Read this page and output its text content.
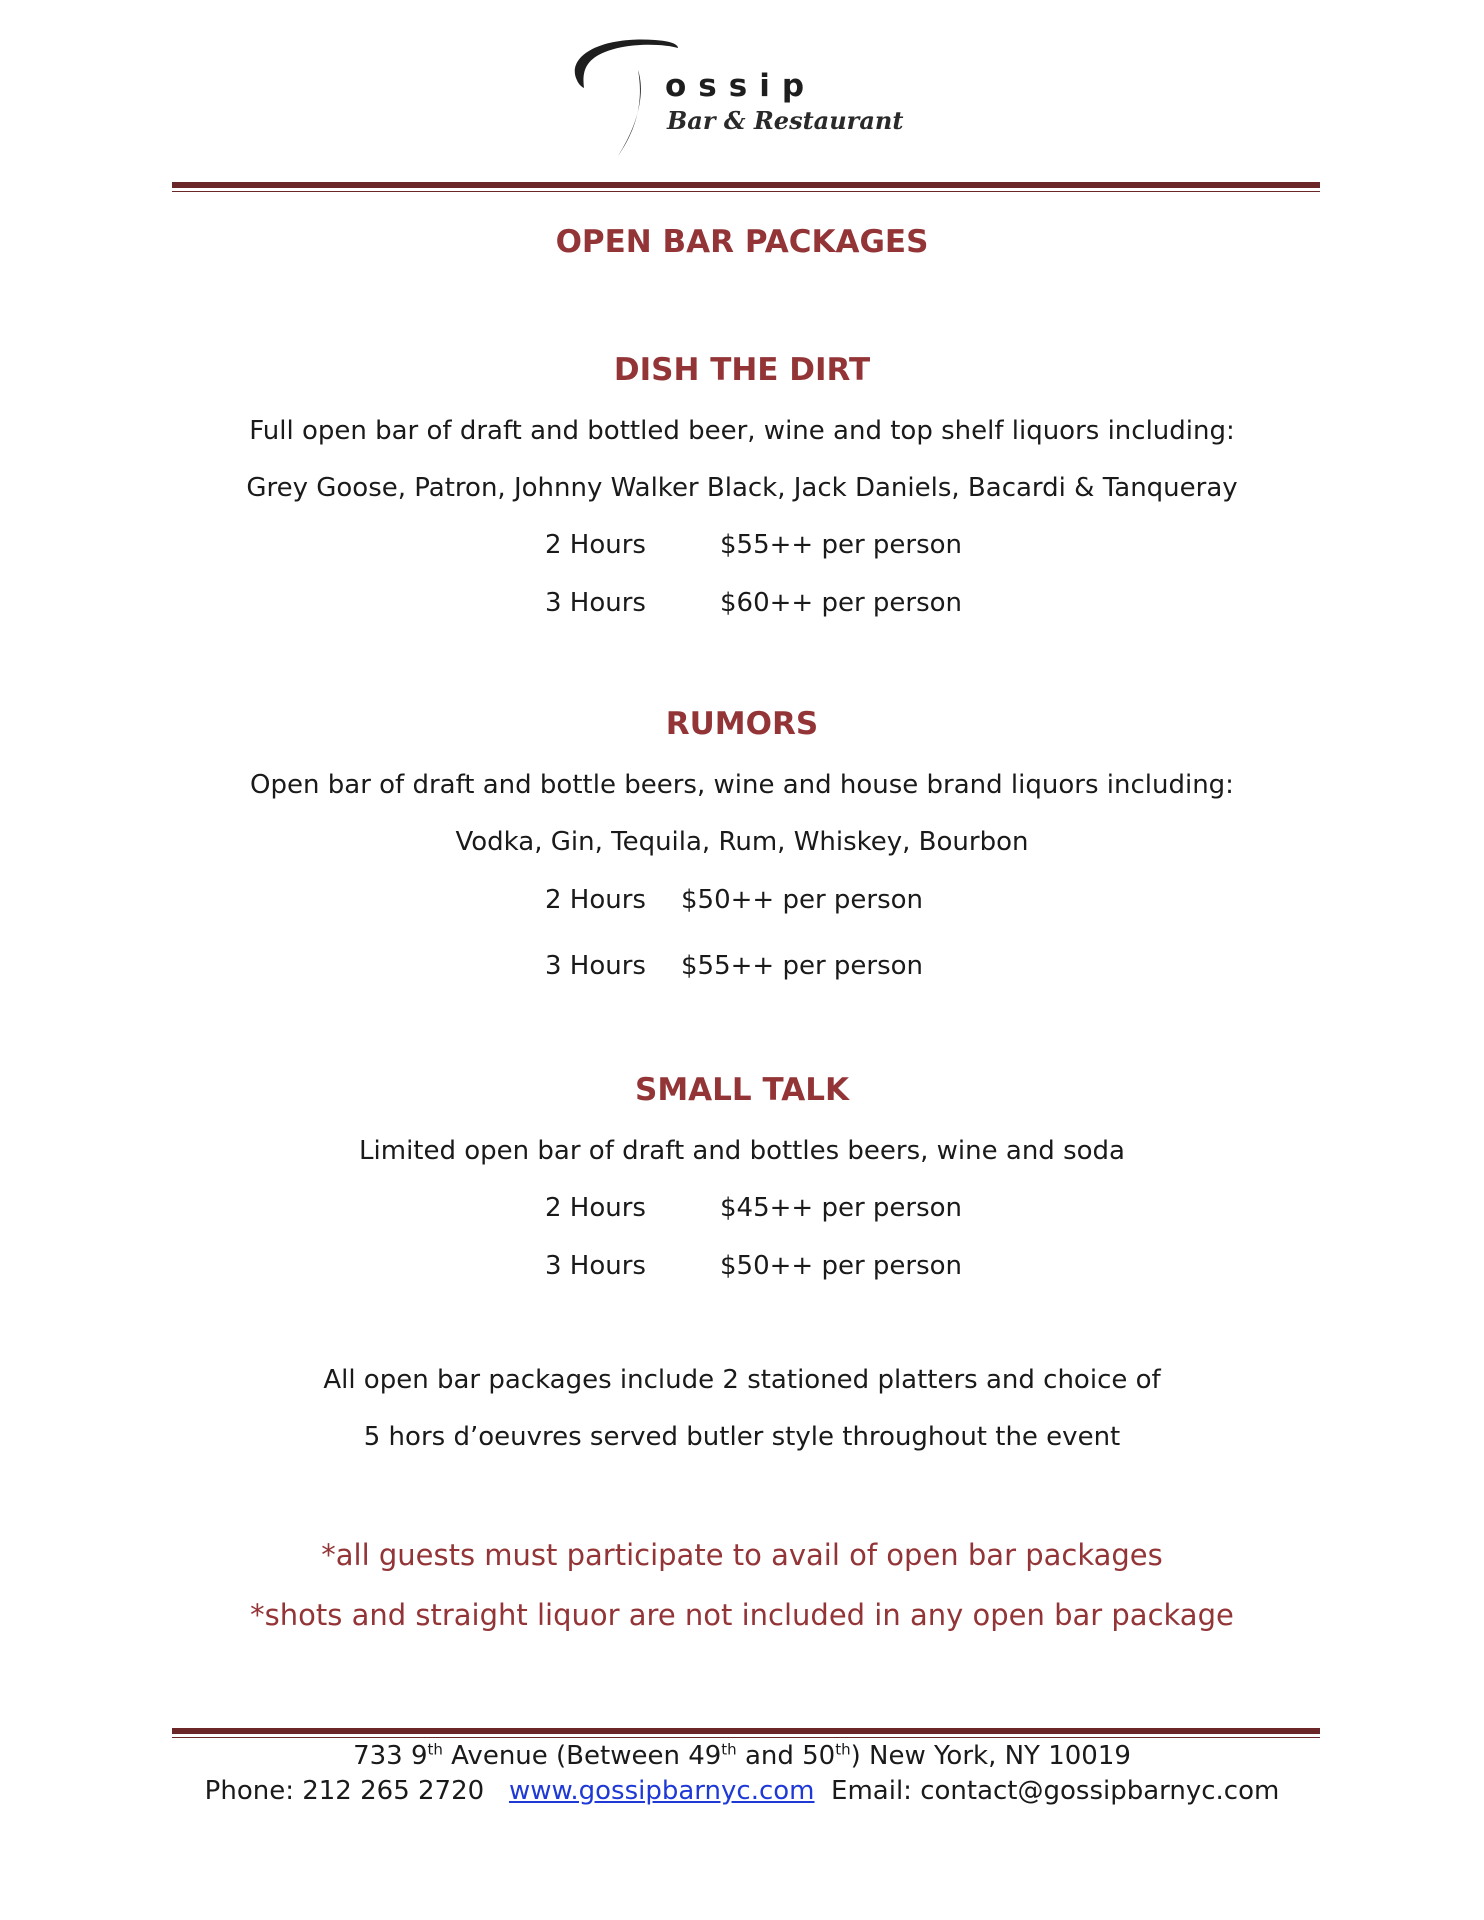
ossip
Bar & Restaurant
OPEN BAR PACKAGES
DISH THE DIRT

Full open bar of draft and bottled beer, wine and top shelf liquors including:

Grey Goose, Patron, Johnny Walker Black, Jack Daniels, Bacardi & Tanqueray

2 Hours	$55++ per person
3 Hours	$60++ per person
RUMORS

Open bar of draft and bottle beers, wine and house brand liquors including:

Vodka, Gin, Tequila, Rum, Whiskey, Bourbon

2 Hours $50++ per person
3 Hours $55++ per person
SMALL TALK

Limited open bar of draft and bottles beers, wine and soda

2 Hours	$45++ per person
3 Hours	$50++ per person

All open bar packages include 2 stationed platters and choice of

5 hors d’oeuvres served butler style throughout the event

*all guests must participate to avail of open bar packages

*shots and straight liquor are not included in any open bar package

733 9th Avenue (Between 49th and 50th) New York, NY 10019

Phone: 212 265 2720 www.gossipbarnyc.com Email: contact@gossipbarnyc.com
